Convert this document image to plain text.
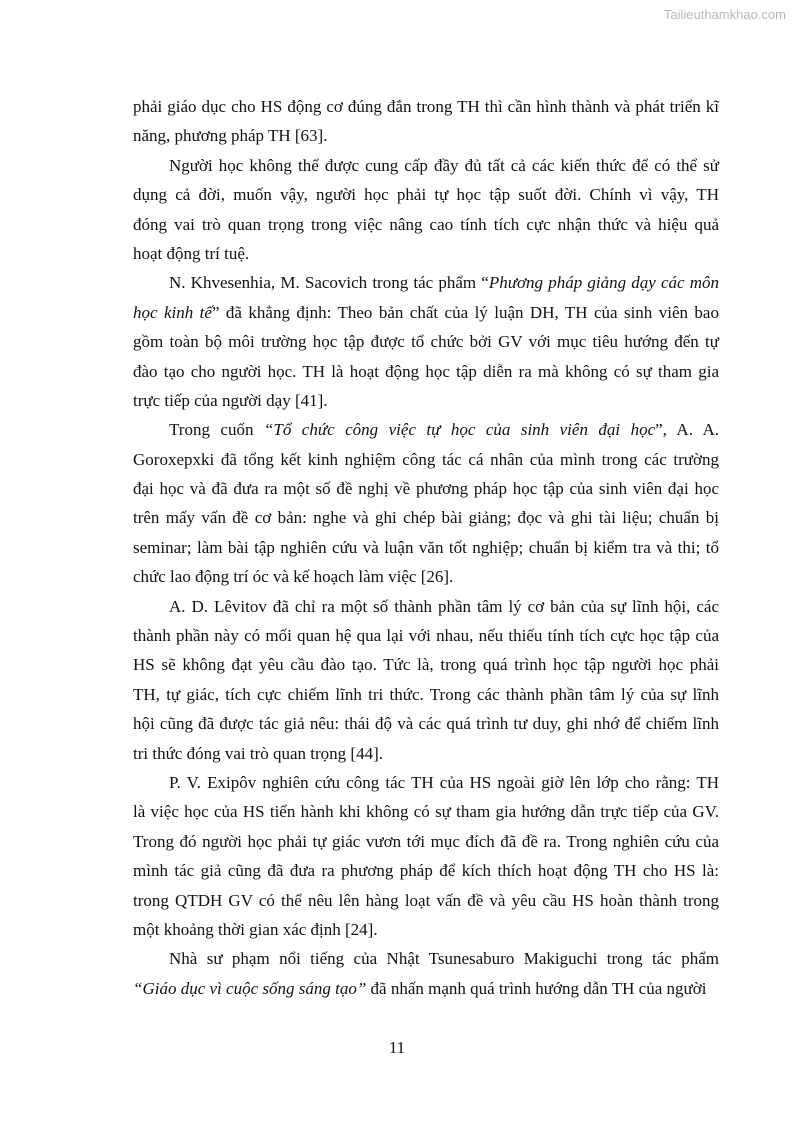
Tailieuthamkhao.com
phải giáo dục cho HS động cơ đúng đắn trong TH thì cần hình thành và phát triển kĩ
năng, phương pháp TH [63].
Người học không thể được cung cấp đầy đủ tất cả các kiến thức để có thể sử
dụng cả đời, muốn vậy, người học phải tự học tập suốt đời. Chính vì vậy, TH
đóng vai trò quan trọng trong việc nâng cao tính tích cực nhận thức và hiệu quả
hoạt động trí tuệ.
N. Khvesenhia, M. Sacovich trong tác phẩm “Phương pháp giảng dạy các môn
học kinh tế” đã khẳng định: Theo bản chất của lý luận DH, TH của sinh viên bao
gồm toàn bộ môi trường học tập được tổ chức bởi GV với mục tiêu hướng đến tự
đào tạo cho người học. TH là hoạt động học tập diễn ra mà không có sự tham gia
trực tiếp của người dạy [41].
Trong cuốn “Tổ chức công việc tự học của sinh viên đại học”, A. A.
Goroxepxki đã tổng kết kinh nghiệm công tác cá nhân của mình trong các trường
đại học và đã đưa ra một số đề nghị về phương pháp học tập của sinh viên đại học
trên mấy vấn đề cơ bản: nghe và ghi chép bài giảng; đọc và ghi tài liệu; chuẩn bị
seminar; làm bài tập nghiên cứu và luận văn tốt nghiệp; chuẩn bị kiểm tra và thi; tổ
chức lao động trí óc và kế hoạch làm việc [26].
A. D. Lêvitov đã chỉ ra một số thành phần tâm lý cơ bản của sự lĩnh hội, các
thành phần này có mối quan hệ qua lại với nhau, nếu thiếu tính tích cực học tập của
HS sẽ không đạt yêu cầu đào tạo. Tức là, trong quá trình học tập người học phải
TH, tự giác, tích cực chiếm lĩnh tri thức. Trong các thành phần tâm lý của sự lĩnh
hội cũng đã được tác giả nêu: thái độ và các quá trình tư duy, ghi nhớ để chiếm lĩnh
tri thức đóng vai trò quan trọng [44].
P. V. Exipôv nghiên cứu công tác TH của HS ngoài giờ lên lớp cho rằng: TH
là việc học của HS tiến hành khi không có sự tham gia hướng dẫn trực tiếp của GV.
Trong đó người học phải tự giác vươn tới mục đích đã đề ra. Trong nghiên cứu của
mình tác giả cũng đã đưa ra phương pháp để kích thích hoạt động TH cho HS là:
trong QTDH GV có thể nêu lên hàng loạt vấn đề và yêu cầu HS hoàn thành trong
một khoảng thời gian xác định [24].
Nhà sư phạm nổi tiếng của Nhật Tsunesaburo Makiguchi trong tác phẩm
“Giáo dục vì cuộc sống sáng tạo” đã nhấn mạnh quá trình hướng dẫn TH của người
11
